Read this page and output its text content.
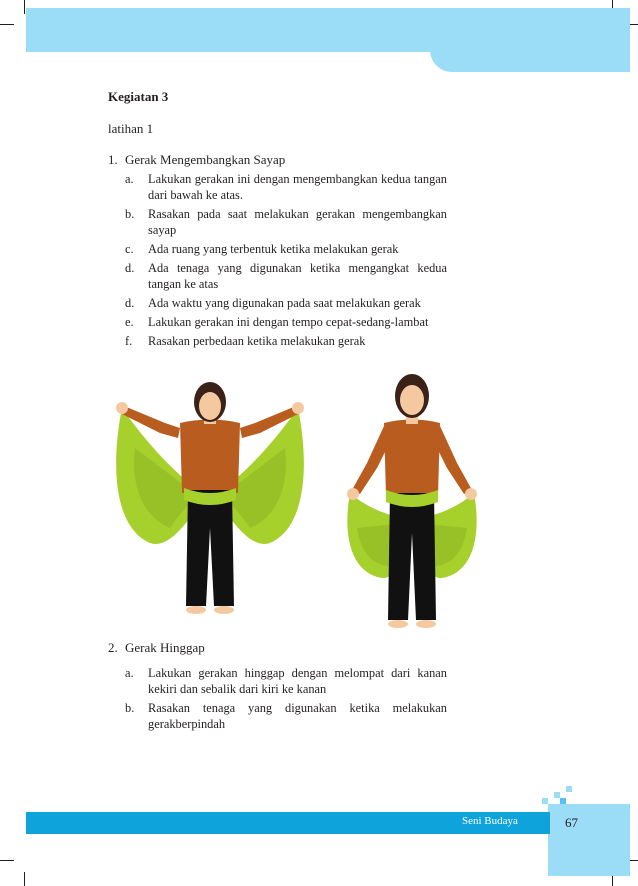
Kegiatan 3
latihan 1
1. Gerak Mengembangkan Sayap
a. Lakukan gerakan ini dengan mengembangkan kedua tangan dari bawah ke atas.
b. Rasakan pada saat melakukan gerakan mengembangkan sayap
c. Ada ruang yang terbentuk ketika melakukan gerak
d. Ada tenaga yang digunakan ketika mengangkat kedua tangan ke atas
d. Ada waktu yang digunakan pada saat melakukan gerak
e. Lakukan gerakan ini dengan tempo cepat-sedang-lambat
f. Rasakan perbedaan ketika melakukan gerak
2. Gerak Hinggap
a. Lakukan gerakan hinggap dengan melompat dari kanan kekiri dan sebalik dari kiri ke kanan
b. Rasakan tenaga yang digunakan ketika melakukan gerakberpindah
Seni Budaya	67
